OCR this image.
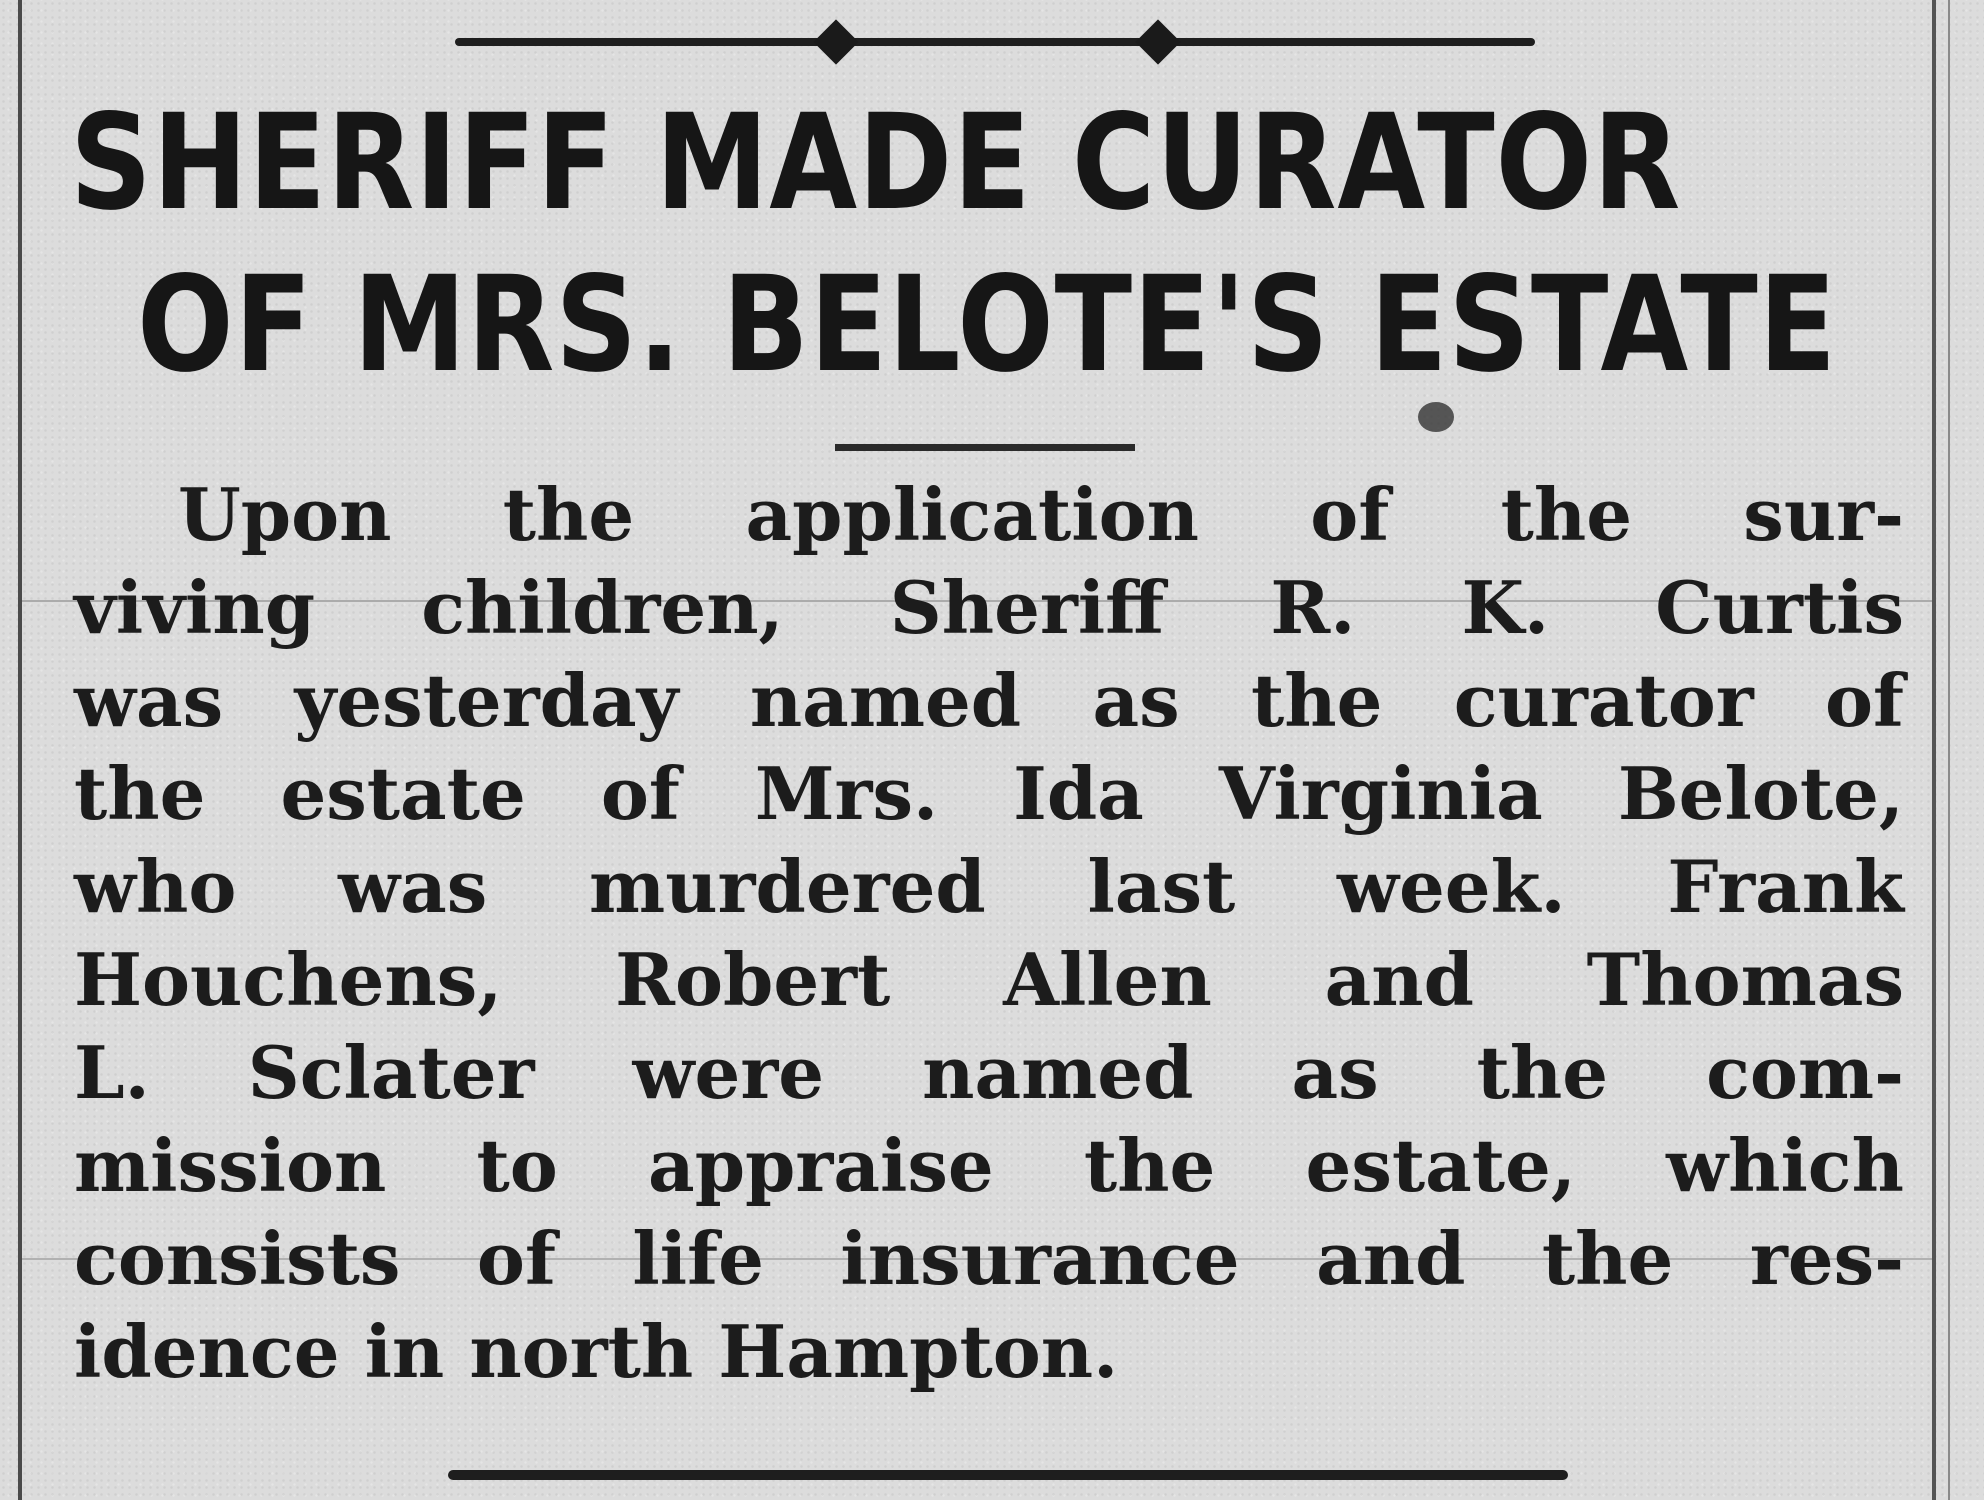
SHERIFF MADE CURATOR
OF MRS. BELOTE'S ESTATE
Upon the application of the sur-
viving children, Sheriff R. K. Curtis
was yesterday named as the curator of
the estate of Mrs. Ida Virginia Belote,
who was murdered last week. Frank
Houchens, Robert Allen and Thomas
L. Sclater were named as the com-
mission to appraise the estate, which
consists of life insurance and the res-
idence in north Hampton.
